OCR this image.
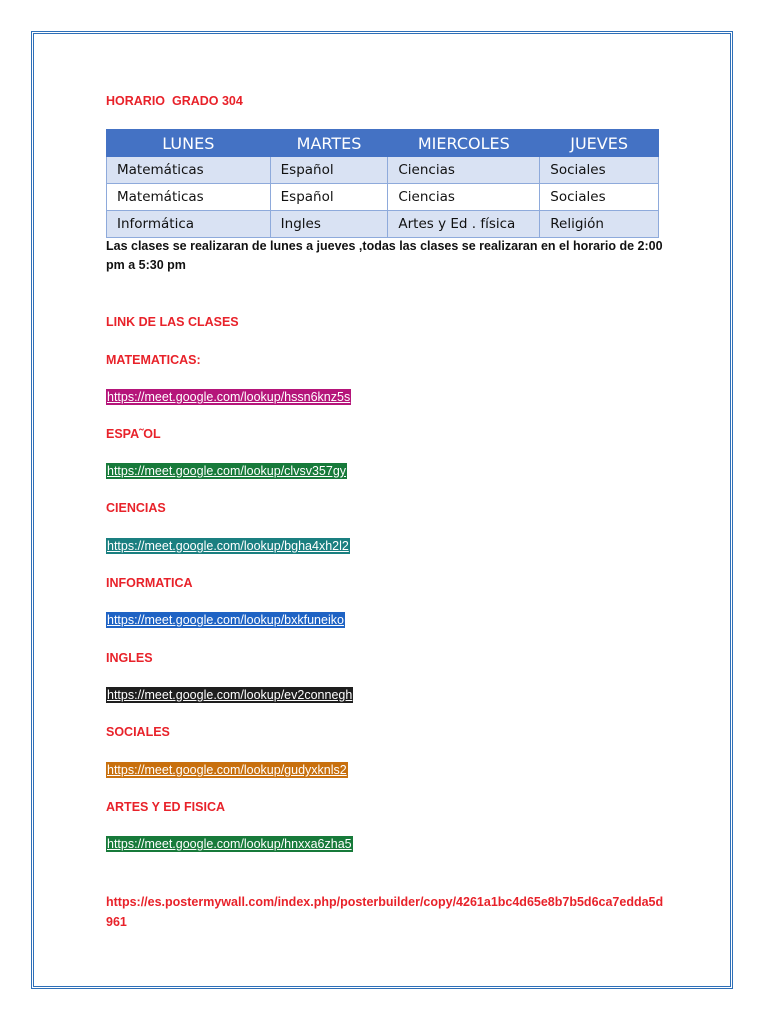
HORARIO  GRADO 304
LUNES	MARTES	MIERCOLES	JUEVES
Matemáticas	Español	Ciencias	Sociales
Matemáticas	Español	Ciencias	Sociales
Informática	Ingles	Artes y Ed . física	Religión
Las clases se realizaran de lunes a jueves ,todas las clases se realizaran en el horario de 2:00 pm a 5:30 pm
LINK DE LAS CLASES
MATEMATICAS:
https://meet.google.com/lookup/hssn6knz5s
ESPA˜OL
https://meet.google.com/lookup/clvsv357gy
CIENCIAS
https://meet.google.com/lookup/bgha4xh2l2
INFORMATICA
https://meet.google.com/lookup/bxkfuneiko
INGLES
https://meet.google.com/lookup/ev2connegh
SOCIALES
https://meet.google.com/lookup/gudyxknls2
ARTES Y ED FISICA
https://meet.google.com/lookup/hnxxa6zha5
https://es.postermywall.com/index.php/posterbuilder/copy/4261a1bc4d65e8b7b5d6ca7edda5d961
